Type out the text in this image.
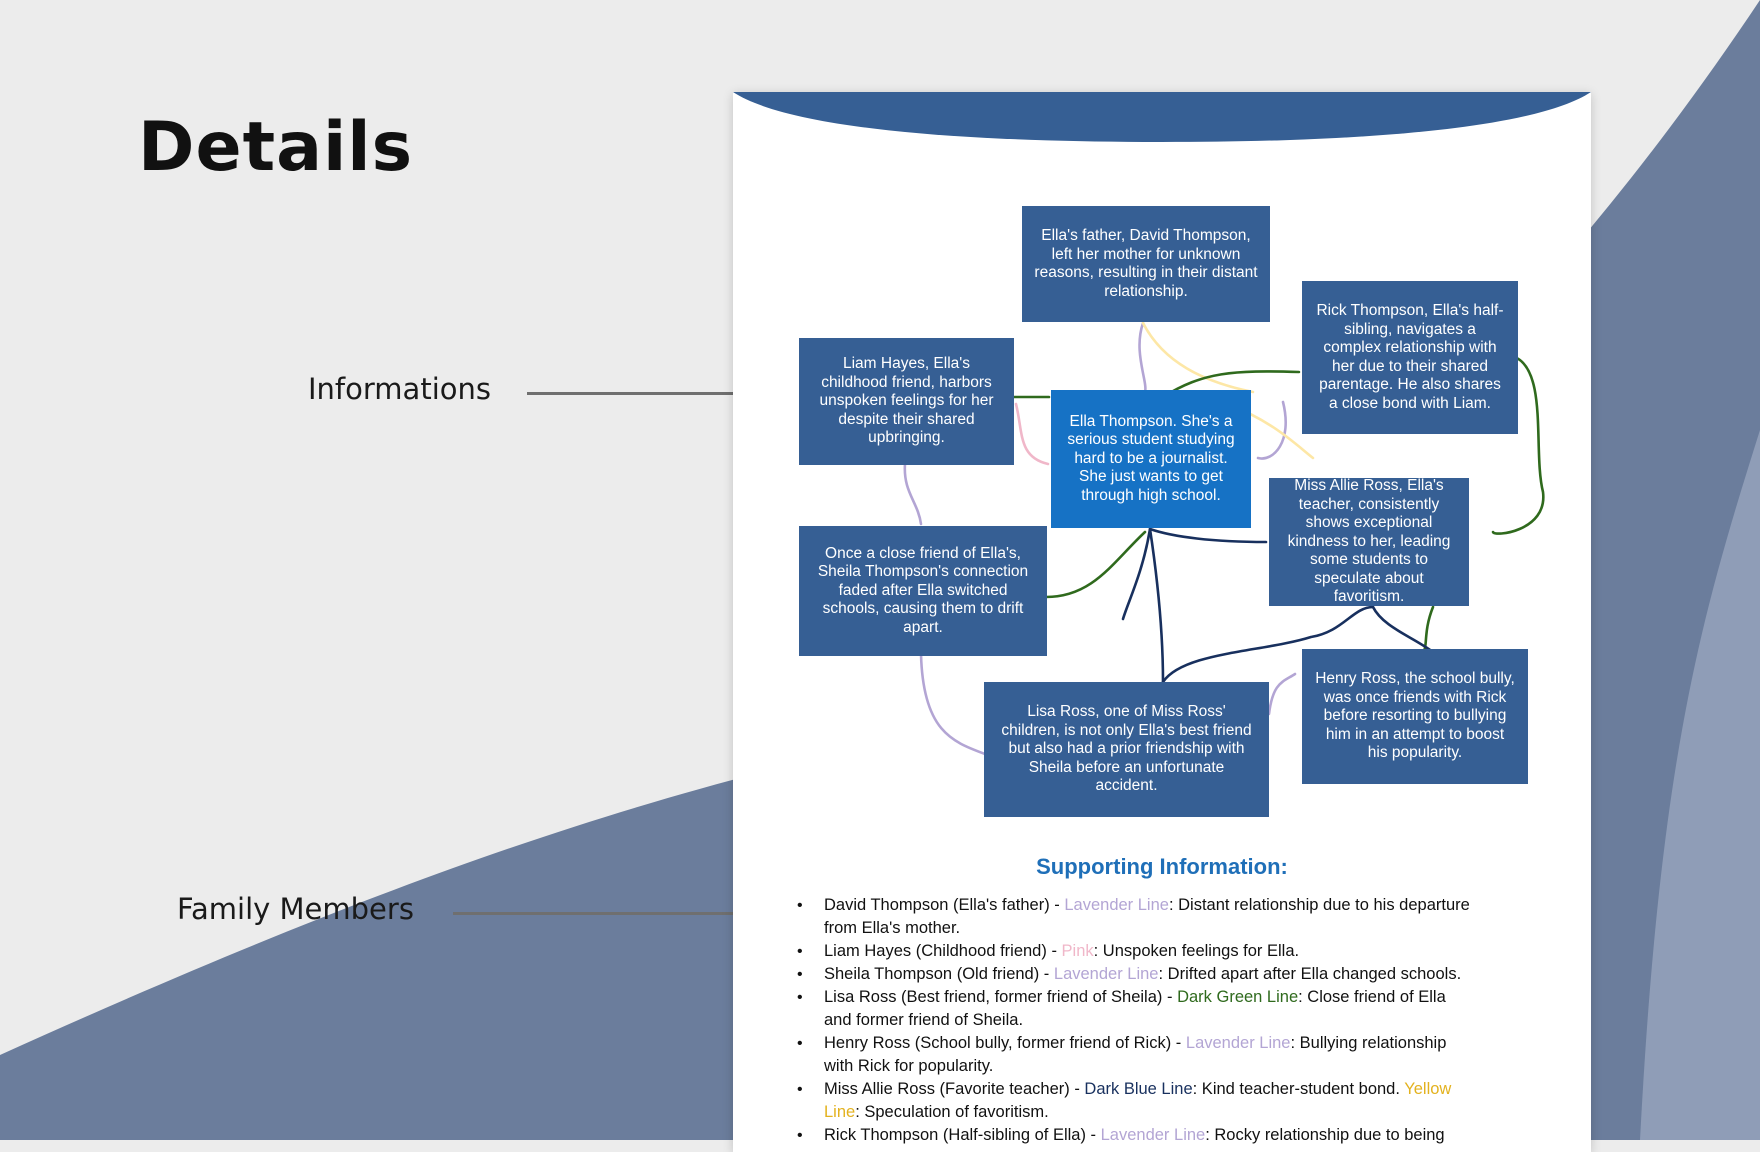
Details
Informations
Family Members
Ella's father, David Thompson, left her mother for unknown reasons, resulting in their distant relationship.
Rick Thompson, Ella's half-sibling, navigates a complex relationship with her due to their shared parentage. He also shares a close bond with Liam.
Liam Hayes, Ella's childhood friend, harbors unspoken feelings for her despite their shared upbringing.
Ella Thompson. She's a serious student studying hard to be a journalist. She just wants to get through high school.
Miss Allie Ross, Ella's teacher, consistently shows exceptional kindness to her, leading some students to speculate about favoritism.
Once a close friend of Ella's, Sheila Thompson's connection faded after Ella switched schools, causing them to drift apart.
Henry Ross, the school bully, was once friends with Rick before resorting to bullying him in an attempt to boost his popularity.
Lisa Ross, one of Miss Ross' children, is not only Ella's best friend but also had a prior friendship with Sheila before an unfortunate accident.
Supporting Information:
• David Thompson (Ella's father) - Lavender Line: Distant relationship due to his departure from Ella's mother.
• Liam Hayes (Childhood friend) - Pink: Unspoken feelings for Ella.
• Sheila Thompson (Old friend) - Lavender Line: Drifted apart after Ella changed schools.
• Lisa Ross (Best friend, former friend of Sheila) - Dark Green Line: Close friend of Ella and former friend of Sheila.
• Henry Ross (School bully, former friend of Rick) - Lavender Line: Bullying relationship with Rick for popularity.
• Miss Allie Ross (Favorite teacher) - Dark Blue Line: Kind teacher-student bond. Yellow Line: Speculation of favoritism.
• Rick Thompson (Half-sibling of Ella) - Lavender Line: Rocky relationship due to being
